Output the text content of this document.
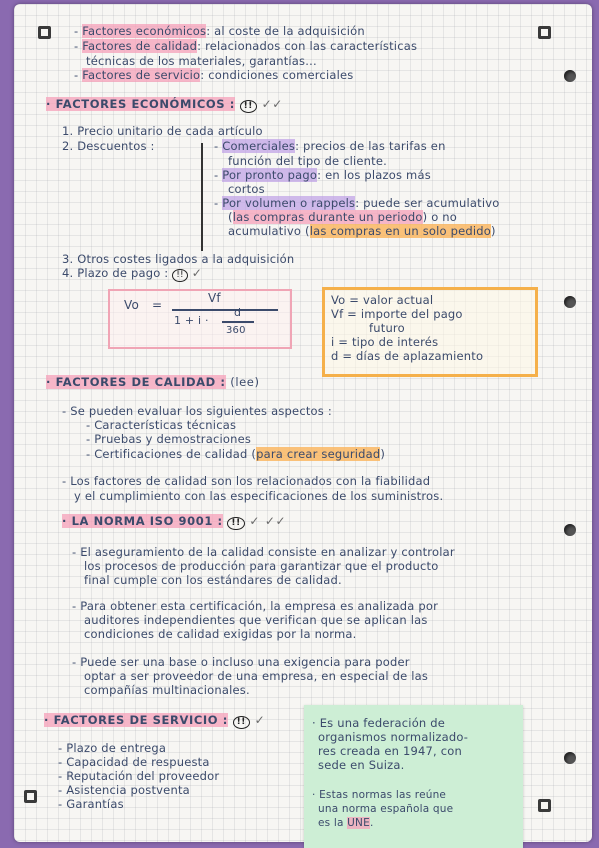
- Factores económicos: al coste de la adquisición
- Factores de calidad: relacionados con las características
técnicas de los materiales, garantías...
- Factores de servicio: condiciones comerciales
· FACTORES ECONÓMICOS : !! ✓✓
1. Precio unitario de cada artículo
2. Descuentos :	- Comerciales: precios de las tarifas en
función del tipo de cliente.
- Por pronto pago: en los plazos más
cortos
- Por volumen o rappels: puede ser acumulativo
(las compras durante un periodo) o no
acumulativo (las compras en un solo pedido)
3. Otros costes ligados a la adquisición
4. Plazo de pago : !! ✓
Vo =	Vf
1 + i ·
d
360
Vo = valor actual
Vf = importe del pago
futuro
i = tipo de interés
d = días de aplazamiento
· FACTORES DE CALIDAD : (lee)
- Se pueden evaluar los siguientes aspectos :
- Características técnicas
- Pruebas y demostraciones
- Certificaciones de calidad (para crear seguridad)
- Los factores de calidad son los relacionados con la fiabilidad
y el cumplimiento con las especificaciones de los suministros.
· LA NORMA ISO 9001 : !! ✓ ✓✓
- El aseguramiento de la calidad consiste en analizar y controlar
los procesos de producción para garantizar que el producto
final cumple con los estándares de calidad.
- Para obtener esta certificación, la empresa es analizada por
auditores independientes que verifican que se aplican las
condiciones de calidad exigidas por la norma.
- Puede ser una base o incluso una exigencia para poder
optar a ser proveedor de una empresa, en especial de las
compañías multinacionales.
· FACTORES DE SERVICIO : !! ✓
- Plazo de entrega
- Capacidad de respuesta
- Reputación del proveedor
- Asistencia postventa
- Garantías
· Es una federación de
organismos normalizado-
res creada en 1947, con
sede en Suiza.
· Estas normas las reúne
una norma española que
es la UNE.
